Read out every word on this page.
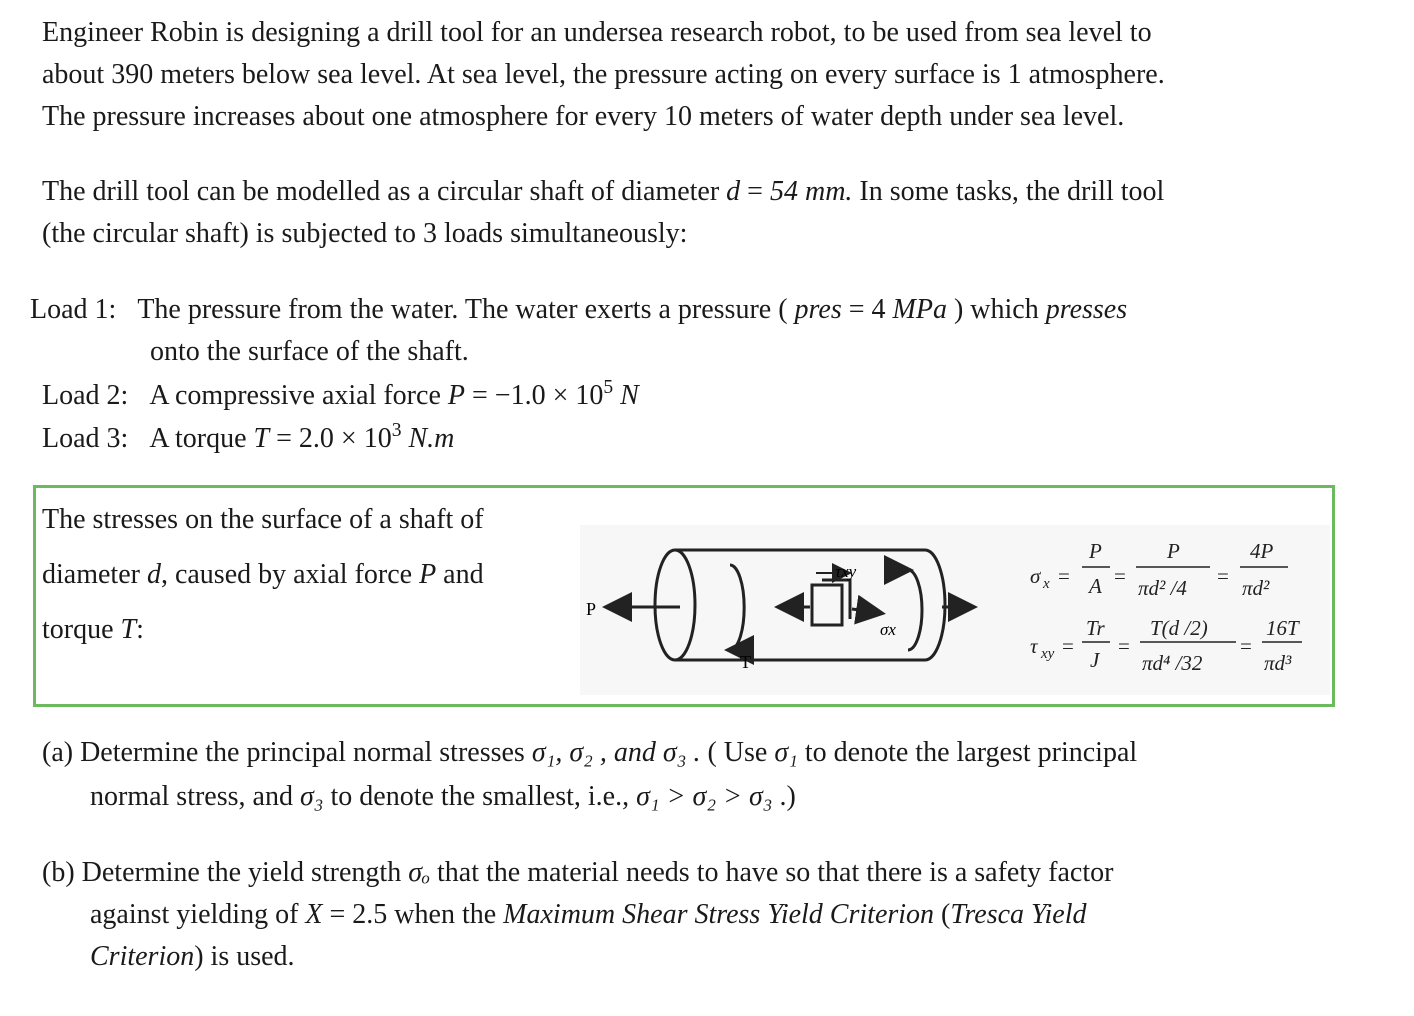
Engineer Robin is designing a drill tool for an undersea research robot, to be used from sea level to
about 390 meters below sea level. At sea level, the pressure acting on every surface is 1 atmosphere.
The pressure increases about one atmosphere for every 10 meters of water depth under sea level.
The drill tool can be modelled as a circular shaft of diameter d = 54 mm. In some tasks, the drill tool
(the circular shaft) is subjected to 3 loads simultaneously:
Load 1: The pressure from the water. The water exerts a pressure ( pres = 4 MPa ) which presses
onto the surface of the shaft.
Load 2: A compressive axial force $P = -1.0 \times 10^5$ N
Load 3: A torque $T = 2.0 \times 10^3$ N.m
The stresses on the surface of a shaft of
diameter d, caused by axial force P and
torque T:
P
T
τxy
σx
σ x =
P
A =
P
πd² /4 =
4P
πd²
τ xy =
Tr
J
=
T(d /2)
πd⁴ /32
=
16T
πd³
(a) Determine the principal normal stresses σ₁, σ₂ , and σ₃ . ( Use σ₁ to denote the largest principal
normal stress, and σ₃ to denote the smallest, i.e., σ₁ > σ₂ > σ₃ .)
(b) Determine the yield strength σₒ that the material needs to have so that there is a safety factor
against yielding of X = 2.5 when the Maximum Shear Stress Yield Criterion (Tresca Yield
Criterion) is used.
